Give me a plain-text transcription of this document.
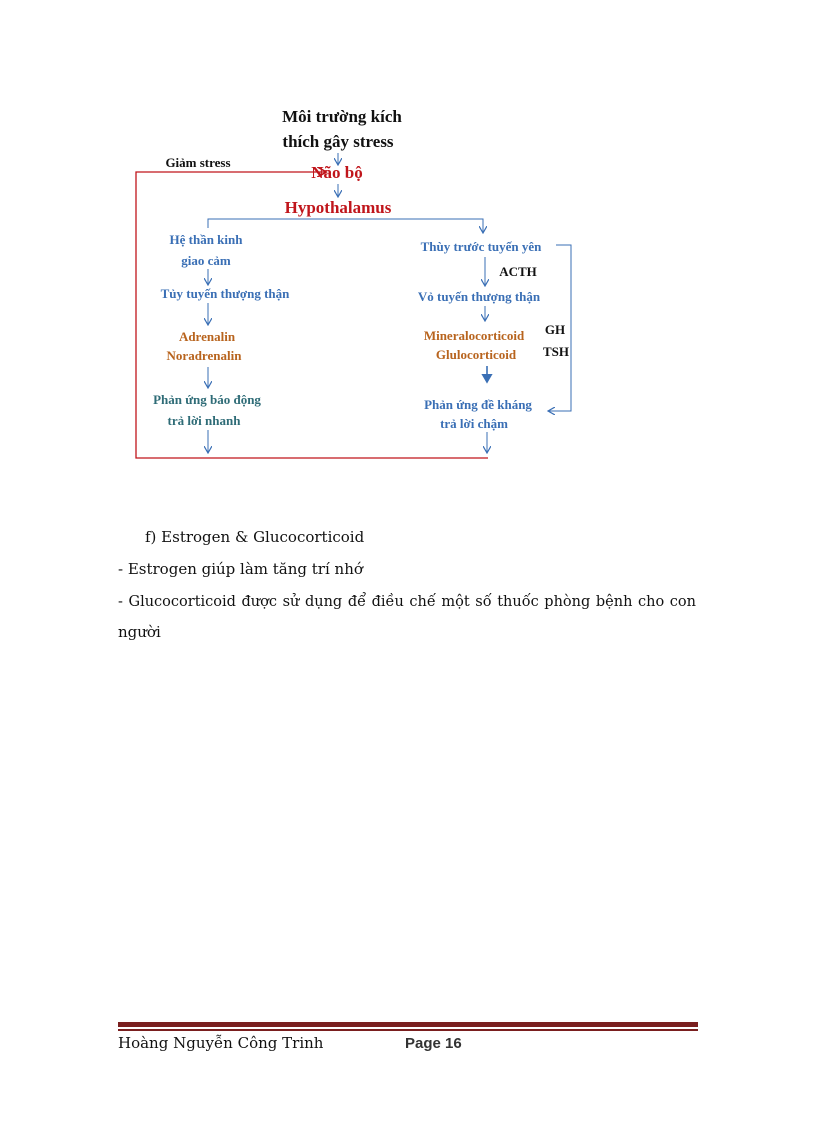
Môi trường kích
thích gây stress
Giảm stress
Não bộ
Hypothalamus
Hệ thần kinh
giao cảm
Tủy tuyến thượng thận
Adrenalin
Noradrenalin
Phản ứng báo động
trả lời nhanh
Thùy trước tuyến yên
ACTH
Vỏ tuyến thượng thận
Mineralocorticoid
Glulocorticoid
GH
TSH
Phản ứng đề kháng
trả lời chậm
f) Estrogen & Glucocorticoid
- Estrogen giúp làm tăng trí nhớ
- Glucocorticoid được sử dụng để điều chế một số thuốc phòng bệnh cho con
người
Hoàng Nguyễn Công Trinh	Page 16
